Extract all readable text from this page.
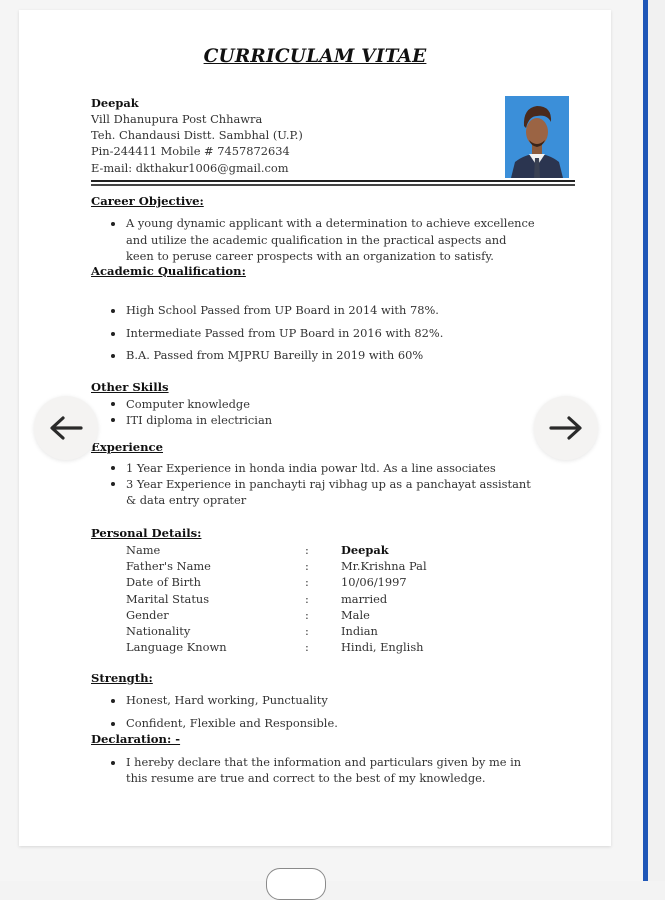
CURRICULAM VITAE
Deepak
Vill Dhanupura Post Chhawra
Teh. Chandausi Distt. Sambhal (U.P.)
Pin-244411 Mobile # 7457872634
E-mail: dkthakur1006@gmail.com
Career Objective:
A young dynamic applicant with a determination to achieve excellence
and utilize the academic qualification in the practical aspects and
keen to peruse career prospects with an organization to satisfy.
Academic Qualification:
High School Passed from UP Board in 2014 with 78%.
Intermediate Passed from UP Board in 2016 with 82%.
B.A. Passed from MJPRU Bareilly in 2019 with 60%
Other Skills
Computer knowledge
ITI diploma in electrician
Experience
1 Year Experience in honda india powar ltd. As a line associates
3 Year Experience in panchayti raj vibhag up as a panchayat assistant
& data entry oprater
Personal Details:
Name	:	Deepak
Father's Name	:	Mr.Krishna Pal
Date of Birth	:	10/06/1997
Marital Status	:	married
Gender	:	Male
Nationality	:	Indian
Language Known	:	Hindi, English
Strength:
Honest, Hard working, Punctuality
Confident, Flexible and Responsible.
Declaration: -
I hereby declare that the information and particulars given by me in
this resume are true and correct to the best of my knowledge.
